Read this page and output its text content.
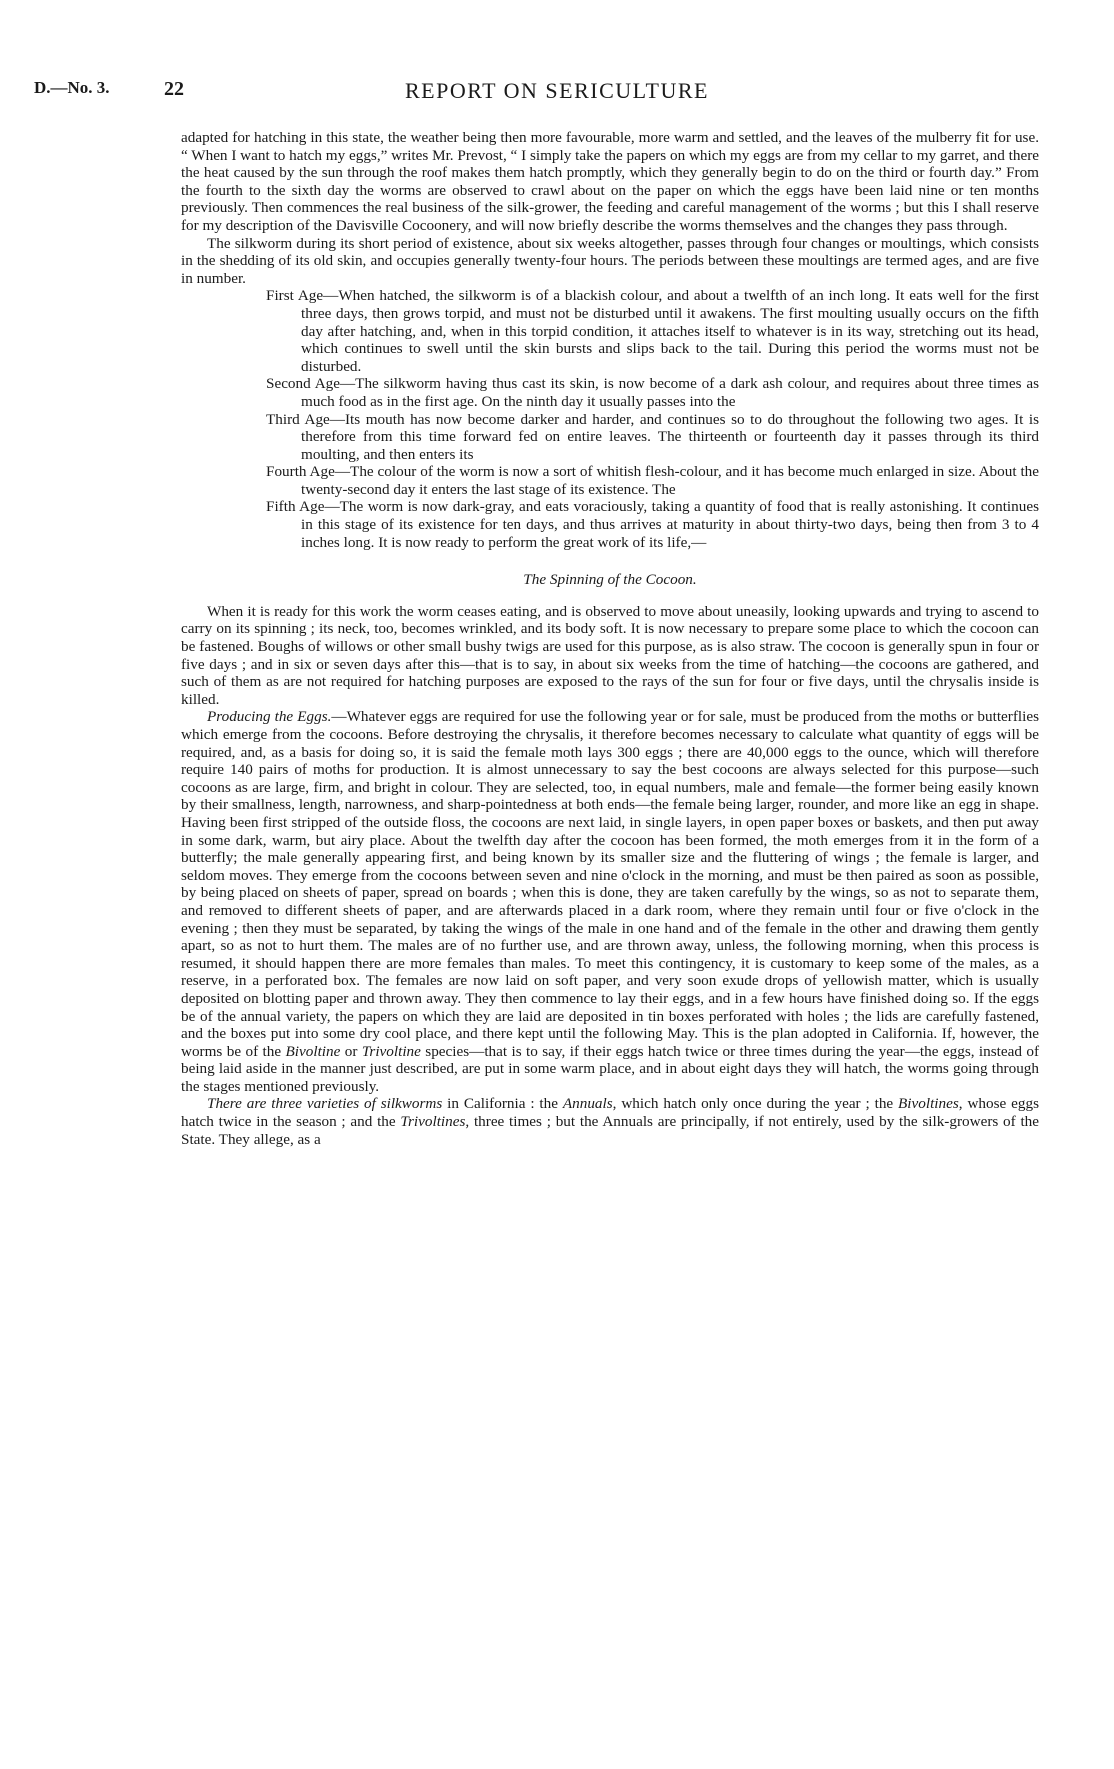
D.—No. 3.	22	REPORT ON SERICULTURE

adapted for hatching in this state, the weather being then more favourable, more warm and settled, and the leaves of the mulberry fit for use. “ When I want to hatch my eggs,” writes Mr. Prevost, “ I simply take the papers on which my eggs are from my cellar to my garret, and there the heat caused by the sun through the roof makes them hatch promptly, which they generally begin to do on the third or fourth day.” From the fourth to the sixth day the worms are observed to crawl about on the paper on which the eggs have been laid nine or ten months previously. Then commences the real business of the silk-grower, the feeding and careful management of the worms ; but this I shall reserve for my description of the Davisville Cocoonery, and will now briefly describe the worms themselves and the changes they pass through.

The silkworm during its short period of existence, about six weeks altogether, passes through four changes or moultings, which consists in the shedding of its old skin, and occupies generally twenty-four hours. The periods between these moultings are termed ages, and are five in number.

First Age—When hatched, the silkworm is of a blackish colour, and about a twelfth of an inch long. It eats well for the first three days, then grows torpid, and must not be disturbed until it awakens. The first moulting usually occurs on the fifth day after hatching, and, when in this torpid condition, it attaches itself to whatever is in its way, stretching out its head, which continues to swell until the skin bursts and slips back to the tail. During this period the worms must not be disturbed.

Second Age—The silkworm having thus cast its skin, is now become of a dark ash colour, and requires about three times as much food as in the first age. On the ninth day it usually passes into the

Third Age—Its mouth has now become darker and harder, and continues so to do throughout the following two ages. It is therefore from this time forward fed on entire leaves. The thirteenth or fourteenth day it passes through its third moulting, and then enters its

Fourth Age—The colour of the worm is now a sort of whitish flesh-colour, and it has become much enlarged in size. About the twenty-second day it enters the last stage of its existence. The

Fifth Age—The worm is now dark-gray, and eats voraciously, taking a quantity of food that is really astonishing. It continues in this stage of its existence for ten days, and thus arrives at maturity in about thirty-two days, being then from 3 to 4 inches long. It is now ready to perform the great work of its life,—

The Spinning of the Cocoon.

When it is ready for this work the worm ceases eating, and is observed to move about uneasily, looking upwards and trying to ascend to carry on its spinning ; its neck, too, becomes wrinkled, and its body soft. It is now necessary to prepare some place to which the cocoon can be fastened. Boughs of willows or other small bushy twigs are used for this purpose, as is also straw. The cocoon is generally spun in four or five days ; and in six or seven days after this—that is to say, in about six weeks from the time of hatching—the cocoons are gathered, and such of them as are not required for hatching purposes are exposed to the rays of the sun for four or five days, until the chrysalis inside is killed.

Producing the Eggs.—Whatever eggs are required for use the following year or for sale, must be produced from the moths or butterflies which emerge from the cocoons. Before destroying the chrysalis, it therefore becomes necessary to calculate what quantity of eggs will be required, and, as a basis for doing so, it is said the female moth lays 300 eggs ; there are 40,000 eggs to the ounce, which will therefore require 140 pairs of moths for production. It is almost unnecessary to say the best cocoons are always selected for this purpose—such cocoons as are large, firm, and bright in colour. They are selected, too, in equal numbers, male and female—the former being easily known by their smallness, length, narrowness, and sharp-pointedness at both ends—the female being larger, rounder, and more like an egg in shape. Having been first stripped of the outside floss, the cocoons are next laid, in single layers, in open paper boxes or baskets, and then put away in some dark, warm, but airy place. About the twelfth day after the cocoon has been formed, the moth emerges from it in the form of a butterfly; the male generally appearing first, and being known by its smaller size and the fluttering of wings ; the female is larger, and seldom moves. They emerge from the cocoons between seven and nine o'clock in the morning, and must be then paired as soon as possible, by being placed on sheets of paper, spread on boards ; when this is done, they are taken carefully by the wings, so as not to separate them, and removed to different sheets of paper, and are afterwards placed in a dark room, where they remain until four or five o'clock in the evening ; then they must be separated, by taking the wings of the male in one hand and of the female in the other and drawing them gently apart, so as not to hurt them. The males are of no further use, and are thrown away, unless, the following morning, when this process is resumed, it should happen there are more females than males. To meet this contingency, it is customary to keep some of the males, as a reserve, in a perforated box. The females are now laid on soft paper, and very soon exude drops of yellowish matter, which is usually deposited on blotting paper and thrown away. They then commence to lay their eggs, and in a few hours have finished doing so. If the eggs be of the annual variety, the papers on which they are laid are deposited in tin boxes perforated with holes ; the lids are carefully fastened, and the boxes put into some dry cool place, and there kept until the following May. This is the plan adopted in California. If, however, the worms be of the Bivoltine or Trivoltine species—that is to say, if their eggs hatch twice or three times during the year—the eggs, instead of being laid aside in the manner just described, are put in some warm place, and in about eight days they will hatch, the worms going through the stages mentioned previously.

There are three varieties of silkworms in California : the Annuals, which hatch only once during the year ; the Bivoltines, whose eggs hatch twice in the season ; and the Trivoltines, three times ; but the Annuals are principally, if not entirely, used by the silk-growers of the State. They allege, as a
